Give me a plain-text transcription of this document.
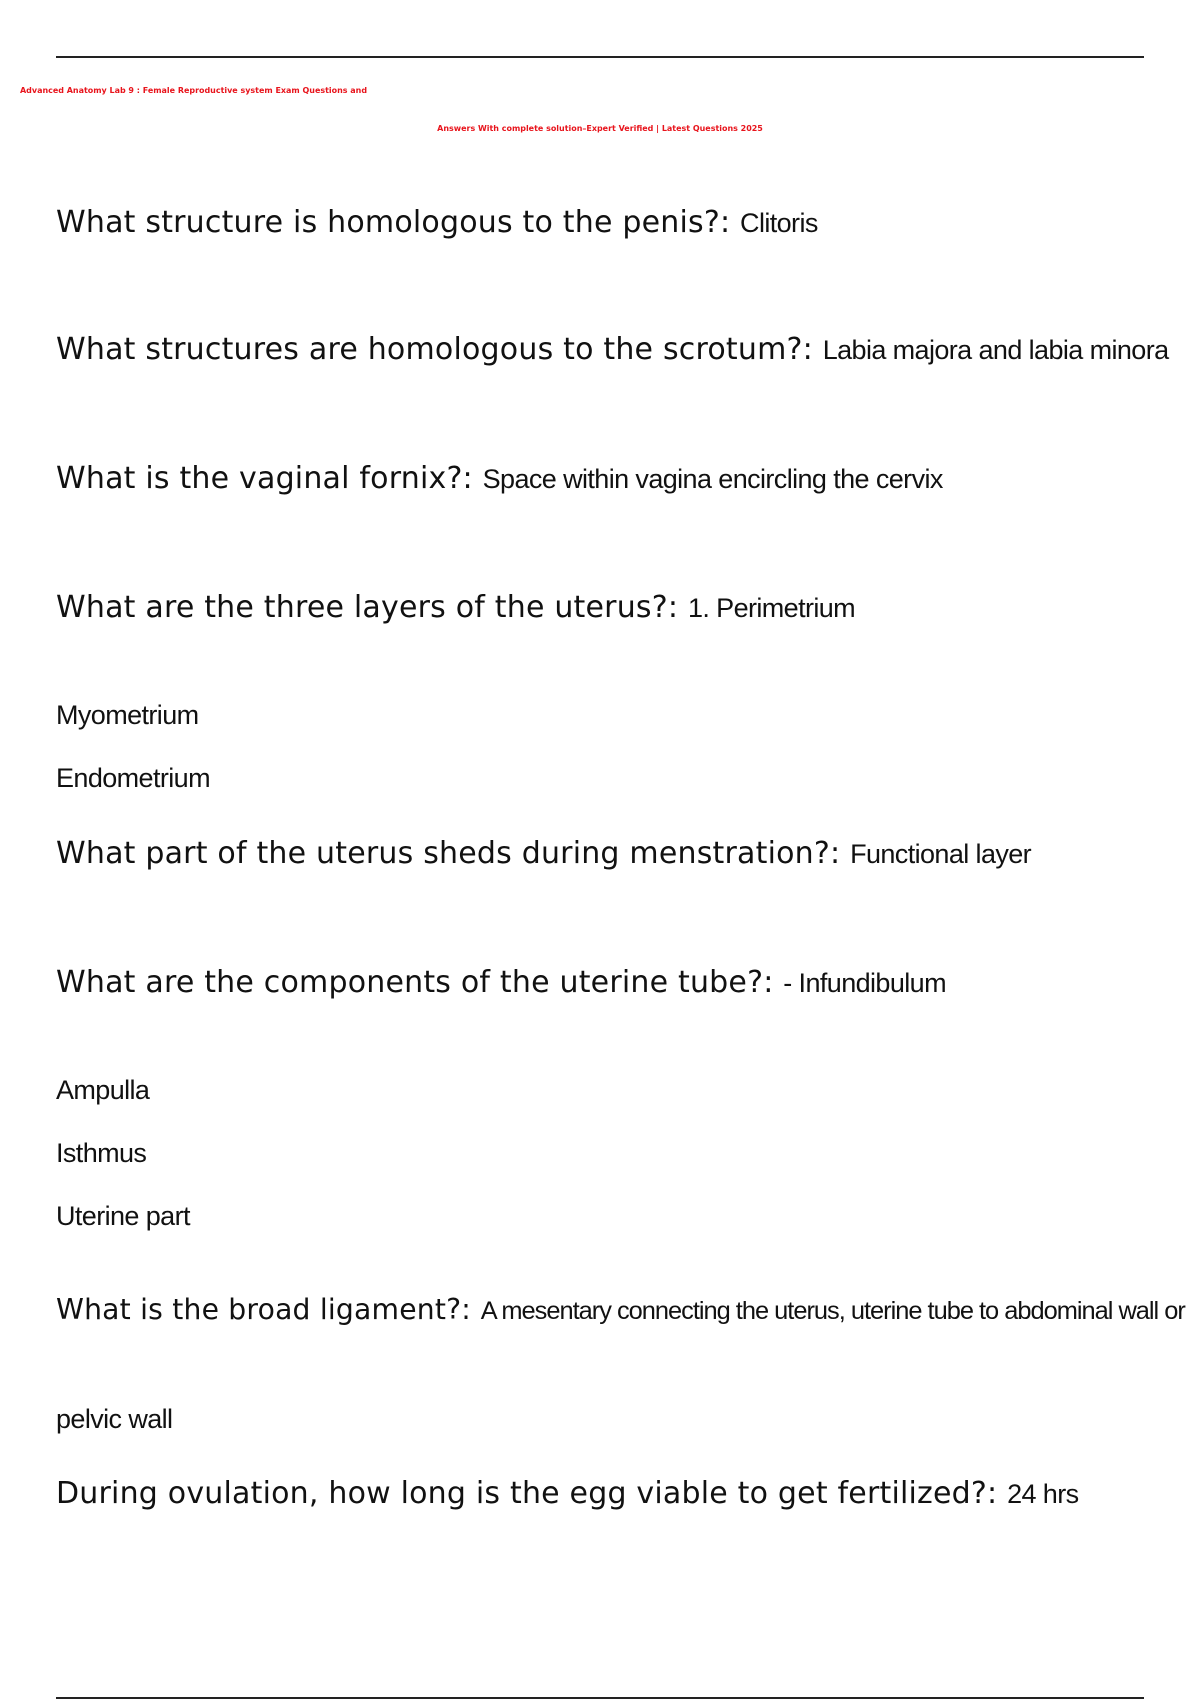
Advanced Anatomy Lab 9 : Female Reproductive system Exam Questions and
Answers With complete solution–Expert Verified | Latest Questions 2025
What structure is homologous to the penis?: Clitoris
What structures are homologous to the scrotum?: Labia majora and labia minora
What is the vaginal fornix?: Space within vagina encircling the cervix
What are the three layers of the uterus?: 1. Perimetrium
Myometrium
Endometrium
What part of the uterus sheds during menstration?: Functional layer
What are the components of the uterine tube?: - Infundibulum
Ampulla
Isthmus
Uterine part
What is the broad ligament?: A mesentary connecting the uterus, uterine tube to abdominal wall or
pelvic wall
During ovulation, how long is the egg viable to get fertilized?: 24 hrs
